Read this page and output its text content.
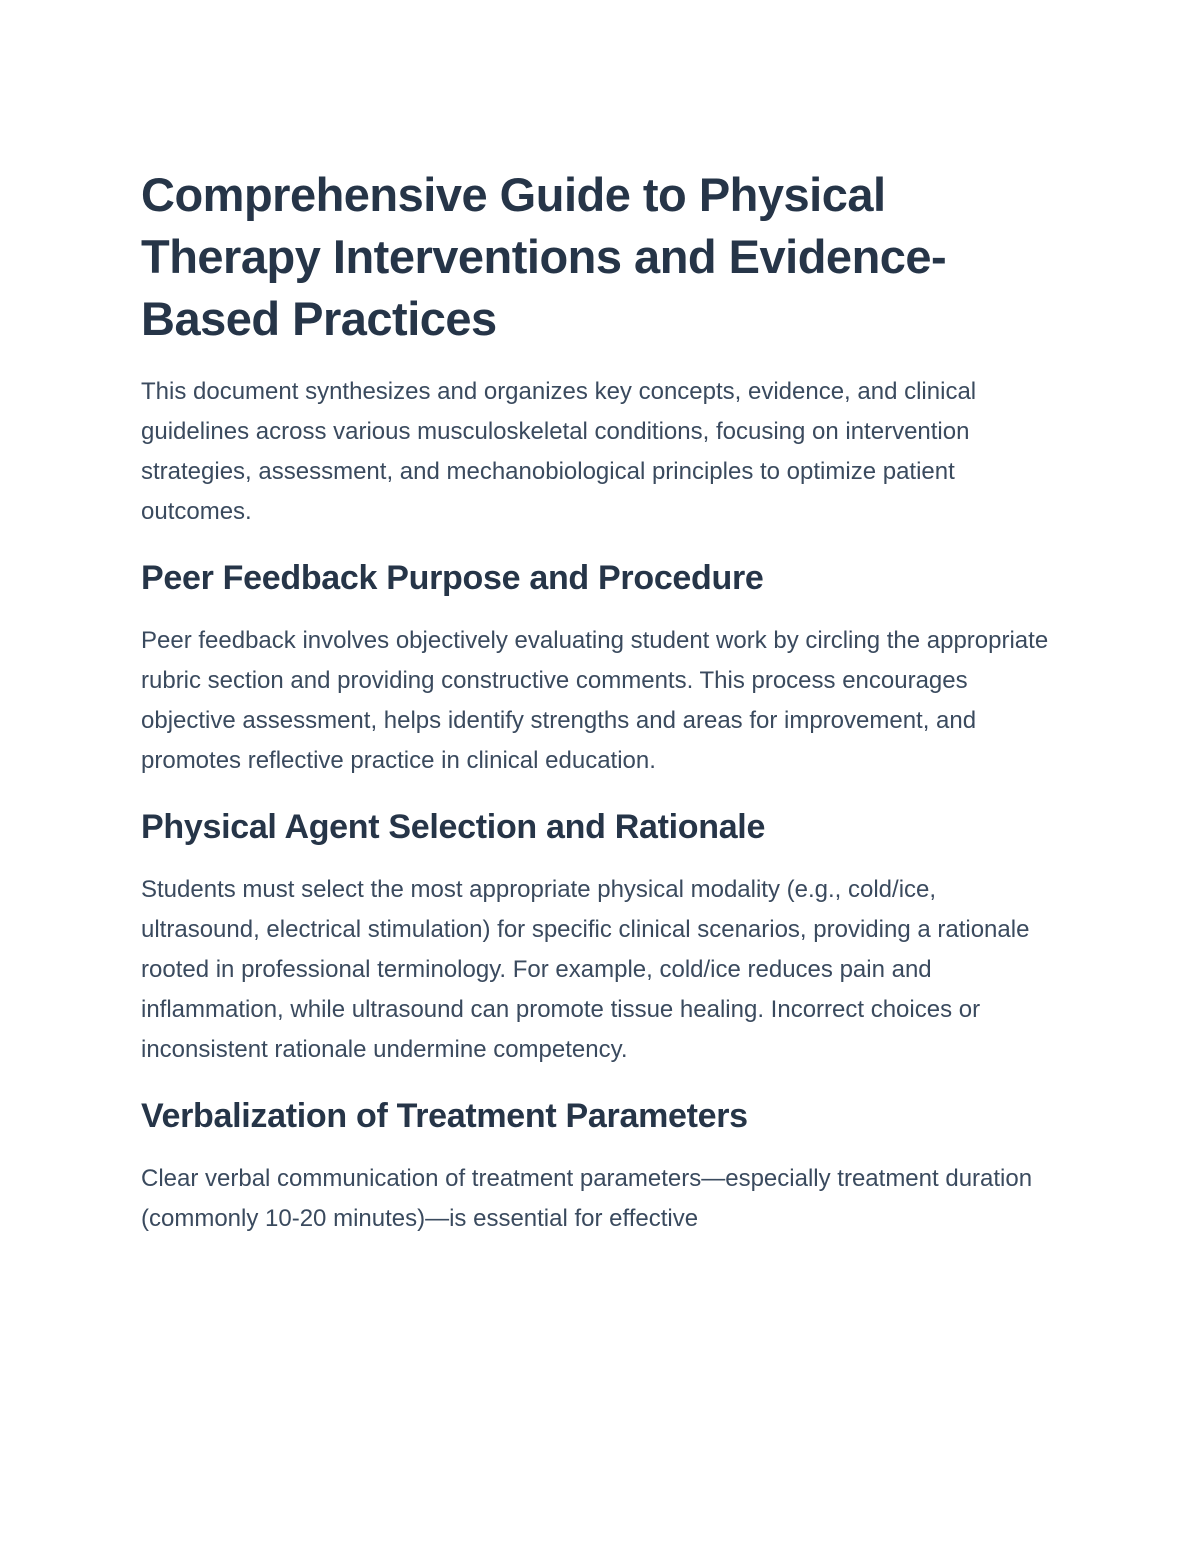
Comprehensive Guide to Physical Therapy Interventions and Evidence-Based Practices

This document synthesizes and organizes key concepts, evidence, and clinical guidelines across various musculoskeletal conditions, focusing on intervention strategies, assessment, and mechanobiological principles to optimize patient outcomes.

Peer Feedback Purpose and Procedure

Peer feedback involves objectively evaluating student work by circling the appropriate rubric section and providing constructive comments. This process encourages objective assessment, helps identify strengths and areas for improvement, and promotes reflective practice in clinical education.

Physical Agent Selection and Rationale

Students must select the most appropriate physical modality (e.g., cold/ice, ultrasound, electrical stimulation) for specific clinical scenarios, providing a rationale rooted in professional terminology. For example, cold/ice reduces pain and inflammation, while ultrasound can promote tissue healing. Incorrect choices or inconsistent rationale undermine competency.

Verbalization of Treatment Parameters

Clear verbal communication of treatment parameters—especially treatment duration (commonly 10-20 minutes)—is essential for effective
